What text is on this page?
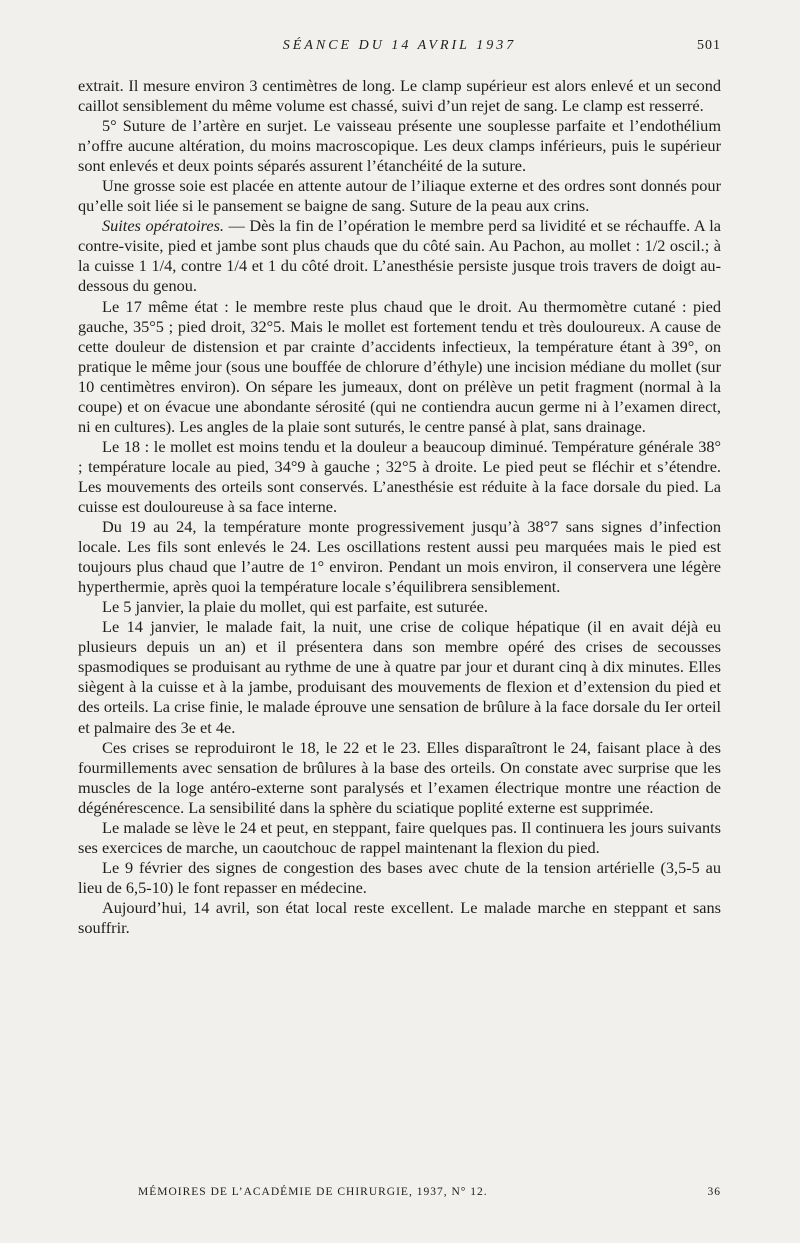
SÉANCE DU 14 AVRIL 1937	501

extrait. Il mesure environ 3 centimètres de long. Le clamp supérieur est alors enlevé et un second caillot sensiblement du même volume est chassé, suivi d’un rejet de sang. Le clamp est resserré.

5° Suture de l’artère en surjet. Le vaisseau présente une souplesse parfaite et l’endothélium n’offre aucune altération, du moins macroscopique. Les deux clamps inférieurs, puis le supérieur sont enlevés et deux points séparés assurent l’étanchéité de la suture.

Une grosse soie est placée en attente autour de l’iliaque externe et des ordres sont donnés pour qu’elle soit liée si le pansement se baigne de sang. Suture de la peau aux crins.

Suites opératoires. — Dès la fin de l’opération le membre perd sa lividité et se réchauffe. A la contre-visite, pied et jambe sont plus chauds que du côté sain. Au Pachon, au mollet : 1/2 oscil.; à la cuisse 1 1/4, contre 1/4 et 1 du côté droit. L’anesthésie persiste jusque trois travers de doigt au-dessous du genou.

Le 17 même état : le membre reste plus chaud que le droit. Au thermomètre cutané : pied gauche, 35°5 ; pied droit, 32°5. Mais le mollet est fortement tendu et très douloureux. A cause de cette douleur de distension et par crainte d’accidents infectieux, la température étant à 39°, on pratique le même jour (sous une bouffée de chlorure d’éthyle) une incision médiane du mollet (sur 10 centimètres environ). On sépare les jumeaux, dont on prélève un petit fragment (normal à la coupe) et on évacue une abondante sérosité (qui ne contiendra aucun germe ni à l’examen direct, ni en cultures). Les angles de la plaie sont suturés, le centre pansé à plat, sans drainage.

Le 18 : le mollet est moins tendu et la douleur a beaucoup diminué. Température générale 38° ; température locale au pied, 34°9 à gauche ; 32°5 à droite. Le pied peut se fléchir et s’étendre. Les mouvements des orteils sont conservés. L’anesthésie est réduite à la face dorsale du pied. La cuisse est douloureuse à sa face interne.

Du 19 au 24, la température monte progressivement jusqu’à 38°7 sans signes d’infection locale. Les fils sont enlevés le 24. Les oscillations restent aussi peu marquées mais le pied est toujours plus chaud que l’autre de 1° environ. Pendant un mois environ, il conservera une légère hyperthermie, après quoi la température locale s’équilibrera sensiblement.

Le 5 janvier, la plaie du mollet, qui est parfaite, est suturée.

Le 14 janvier, le malade fait, la nuit, une crise de colique hépatique (il en avait déjà eu plusieurs depuis un an) et il présentera dans son membre opéré des crises de secousses spasmodiques se produisant au rythme de une à quatre par jour et durant cinq à dix minutes. Elles siègent à la cuisse et à la jambe, produisant des mouvements de flexion et d’extension du pied et des orteils. La crise finie, le malade éprouve une sensation de brûlure à la face dorsale du Ier orteil et palmaire des 3e et 4e.

Ces crises se reproduiront le 18, le 22 et le 23. Elles disparaîtront le 24, faisant place à des fourmillements avec sensation de brûlures à la base des orteils. On constate avec surprise que les muscles de la loge antéro-externe sont paralysés et l’examen électrique montre une réaction de dégénérescence. La sensibilité dans la sphère du sciatique poplité externe est supprimée.

Le malade se lève le 24 et peut, en steppant, faire quelques pas. Il continuera les jours suivants ses exercices de marche, un caoutchouc de rappel maintenant la flexion du pied.

Le 9 février des signes de congestion des bases avec chute de la tension artérielle (3,5-5 au lieu de 6,5-10) le font repasser en médecine.

Aujourd’hui, 14 avril, son état local reste excellent. Le malade marche en steppant et sans souffrir.

MÉMOIRES DE L’ACADÉMIE DE CHIRURGIE, 1937, N° 12.	36
